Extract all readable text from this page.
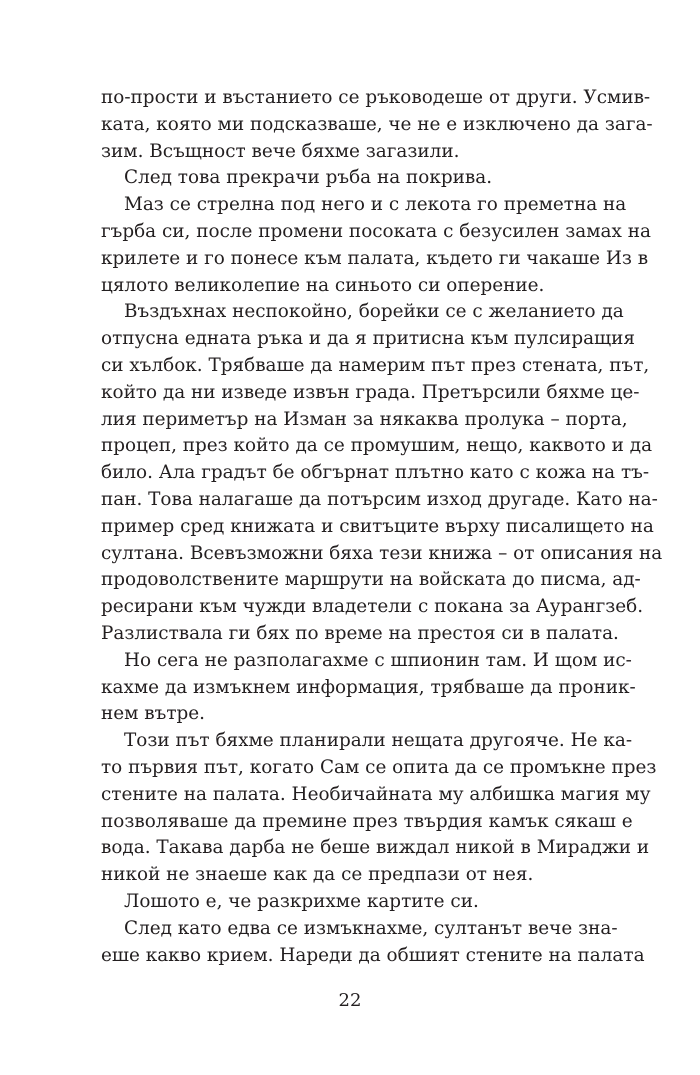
по-прости и въстанието се ръководеше от други. Усмив-
ката, която ми подсказваше, че не е изключено да зага-
зим. Всъщност вече бяхме загазили.
След това прекрачи ръба на покрива.
Маз се стрелна под него и с лекота го преметна на
гърба си, после промени посоката с безусилен замах на
крилете и го понесе към палата, където ги чакаше Из в
цялото великолепие на синьото си оперение.
Въздъхнах неспокойно, борейки се с желанието да
отпусна едната ръка и да я притисна към пулсиращия
си хълбок. Трябваше да намерим път през стената, път,
който да ни изведе извън града. Претърсили бяхме це-
лия периметър на Изман за някаква пролука – порта,
процеп, през който да се промушим, нещо, каквото и да
било. Ала градът бе обгърнат плътно като с кожа на тъ-
пан. Това налагаше да потърсим изход другаде. Като на-
пример сред книжата и свитъците върху писалището на
султана. Всевъзможни бяха тези книжа – от описания на
продоволствените маршрути на войската до писма, ад-
ресирани към чужди владетели с покана за Аурангзеб.
Разлиствала ги бях по време на престоя си в палата.
Но сега не разполагахме с шпионин там. И щом ис-
кахме да измъкнем информация, трябваше да проник-
нем вътре.
Този път бяхме планирали нещата другояче. Не ка-
то първия път, когато Сам се опита да се промъкне през
стените на палата. Необичайната му албишка магия му
позволяваше да премине през твърдия камък сякаш е
вода. Такава дарба не беше виждал никой в Мираджи и
никой не знаеше как да се предпази от нея.
Лошото е, че разкрихме картите си.
След като едва се измъкнахме, султанът вече зна-
еше какво крием. Нареди да обшият стените на палата
22
